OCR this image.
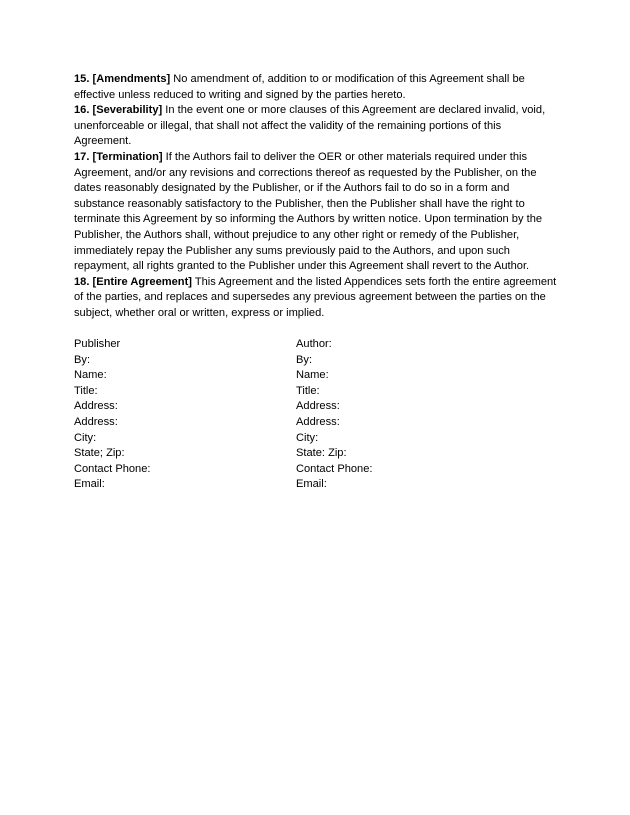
15. [Amendments] No amendment of, addition to or modification of this Agreement shall be effective unless reduced to writing and signed by the parties hereto.

16. [Severability] In the event one or more clauses of this Agreement are declared invalid, void, unenforceable or illegal, that shall not affect the validity of the remaining portions of this Agreement.

17. [Termination] If the Authors fail to deliver the OER or other materials required under this Agreement, and/or any revisions and corrections thereof as requested by the Publisher, on the dates reasonably designated by the Publisher, or if the Authors fail to do so in a form and substance reasonably satisfactory to the Publisher, then the Publisher shall have the right to terminate this Agreement by so informing the Authors by written notice. Upon termination by the Publisher, the Authors shall, without prejudice to any other right or remedy of the Publisher, immediately repay the Publisher any sums previously paid to the Authors, and upon such repayment, all rights granted to the Publisher under this Agreement shall revert to the Author.

18. [Entire Agreement] This Agreement and the listed Appendices sets forth the entire agreement of the parties, and replaces and supersedes any previous agreement between the parties on the subject, whether oral or written, express or implied.

Publisher
By:
Name:
Title:
Address:
Address:
City:
State; Zip:
Contact Phone:
Email:
Author:
By:
Name:
Title:
Address:
Address:
City:
State: Zip:
Contact Phone:
Email:
